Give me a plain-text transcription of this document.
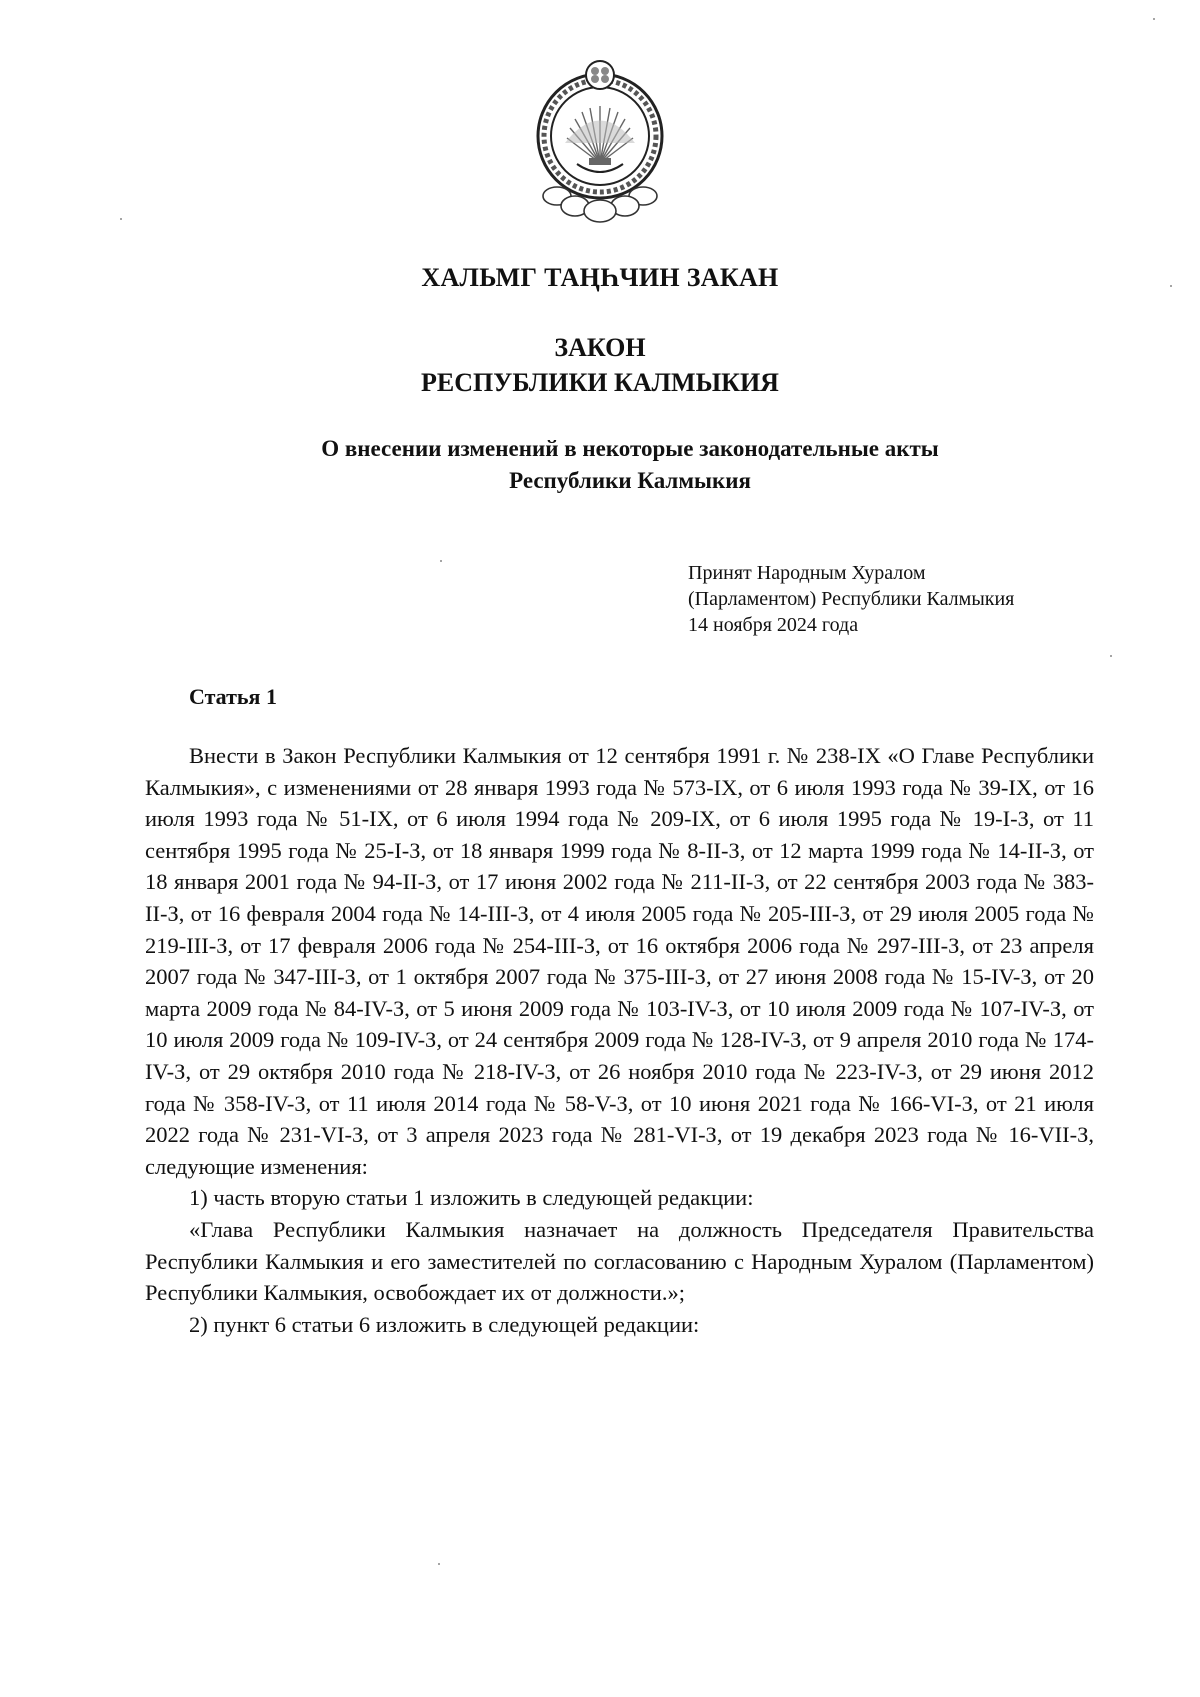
ХАЛЬМГ ТАҢҺЧИН ЗАКАН
ЗАКОН
РЕСПУБЛИКИ КАЛМЫКИЯ
О внесении изменений в некоторые законодательные акты
Республики Калмыкия
Принят Народным Хуралом
(Парламентом) Республики Калмыкия
14 ноября 2024 года
Статья 1

Внести в Закон Республики Калмыкия от 12 сентября 1991 г. № 238-IX «О Главе Республики Калмыкия», с изменениями от 28 января 1993 года № 573-IX, от 6 июля 1993 года № 39-IX, от 16 июля 1993 года № 51-IX, от 6 июля 1994 года № 209-IX, от 6 июля 1995 года № 19-I-З, от 11 сентября 1995 года № 25-I-З, от 18 января 1999 года № 8-II-З, от 12 марта 1999 года № 14-II-З, от 18 января 2001 года № 94-II-З, от 17 июня 2002 года № 211-II-З, от 22 сентября 2003 года № 383-II-З, от 16 февраля 2004 года № 14-III-З, от 4 июля 2005 года № 205-III-З, от 29 июля 2005 года № 219-III-З, от 17 февраля 2006 года № 254-III-З, от 16 октября 2006 года № 297-III-З, от 23 апреля 2007 года № 347-III-З, от 1 октября 2007 года № 375-III-З, от 27 июня 2008 года № 15-IV-З, от 20 марта 2009 года № 84-IV-З, от 5 июня 2009 года № 103-IV-З, от 10 июля 2009 года № 107-IV-З, от 10 июля 2009 года № 109-IV-З, от 24 сентября 2009 года № 128-IV-З, от 9 апреля 2010 года № 174-IV-З, от 29 октября 2010 года № 218-IV-З, от 26 ноября 2010 года № 223-IV-З, от 29 июня 2012 года № 358-IV-З, от 11 июля 2014 года № 58-V-З, от 10 июня 2021 года № 166-VI-З, от 21 июля 2022 года № 231-VI-З, от 3 апреля 2023 года № 281-VI-З, от 19 декабря 2023 года № 16-VII-З, следующие изменения:

1) часть вторую статьи 1 изложить в следующей редакции:

«Глава Республики Калмыкия назначает на должность Председателя Правительства Республики Калмыкия и его заместителей по согласованию с Народным Хуралом (Парламентом) Республики Калмыкия, освобождает их от должности.»;

2) пункт 6 статьи 6 изложить в следующей редакции:
